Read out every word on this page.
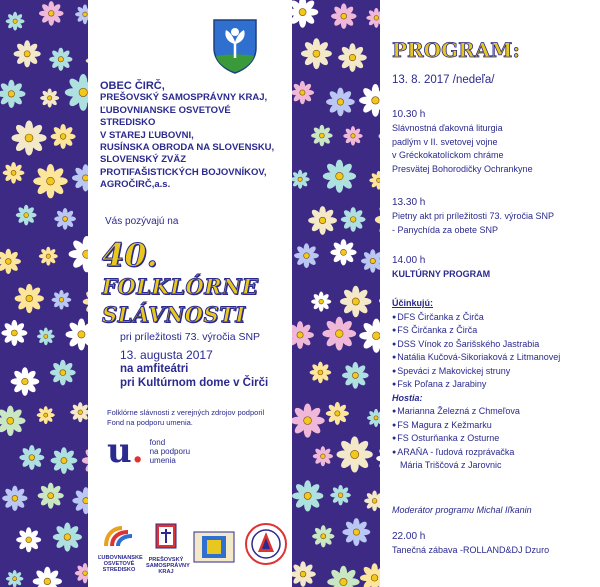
OBEC ČIRČ,
PREŠOVSKÝ SAMOSPRÁVNY KRAJ,
ĽUBOVNIANSKE OSVETOVÉ STREDISKO
V STAREJ ĽUBOVNI,
RUSÍNSKA OBRODA NA SLOVENSKU,
SLOVENSKÝ ZVÄZ
PROTIFAŠISTICKÝCH BOJOVNÍKOV,
AGROČIRČ,a.s.
Vás pozývajú na
40.
FOLKLÓRNE
SLÁVNOSTI
pri príležitosti 73. výročia SNP
13. augusta 2017
na amfiteátri
pri Kultúrnom dome v Čirči
Folklórne slávnosti z verejných zdrojov podporil
Fond na podporu umenia.
u. fond
na podporu
umenia
ĽUBOVNIANSKE OSVETOVÉ STREDISKO
PREŠOVSKÝ SAMOSPRÁVNY KRAJ
PROGRAM:
13. 8. 2017 /nedeľa/
10.30 h
Slávnostná ďakovná liturgia
padlým v II. svetovej vojne
v Gréckokatolíckom chráme
Presvätej Bohorodičky Ochrankyne
13.30 h
Pietny akt pri príležitosti 73. výročia SNP
- Panychída za obete SNP
14.00 h
KULTÚRNY PROGRAM
Účinkujú:
● DFS Čirčanka z Čirča
● FS Čirčanka z Čirča
● DSS Vínok zo Šarišského Jastrabia
● Natália Kučová-Sikoriaková z Litmanovej
● Speváci z Makovickej struny
● Fsk Poľana z Jarabiny
Hostia:
● Marianna Železná z Chmeľova
● FS Magura z Kežmarku
● FS Osturňanka z Osturne
● ARAŇA - ľudová rozprávačka
Mária Triščová z Jarovnic
Moderátor programu Michal Iľkanin
22.00 h
Tanečná zábava -ROLLAND&DJ Dzuro
